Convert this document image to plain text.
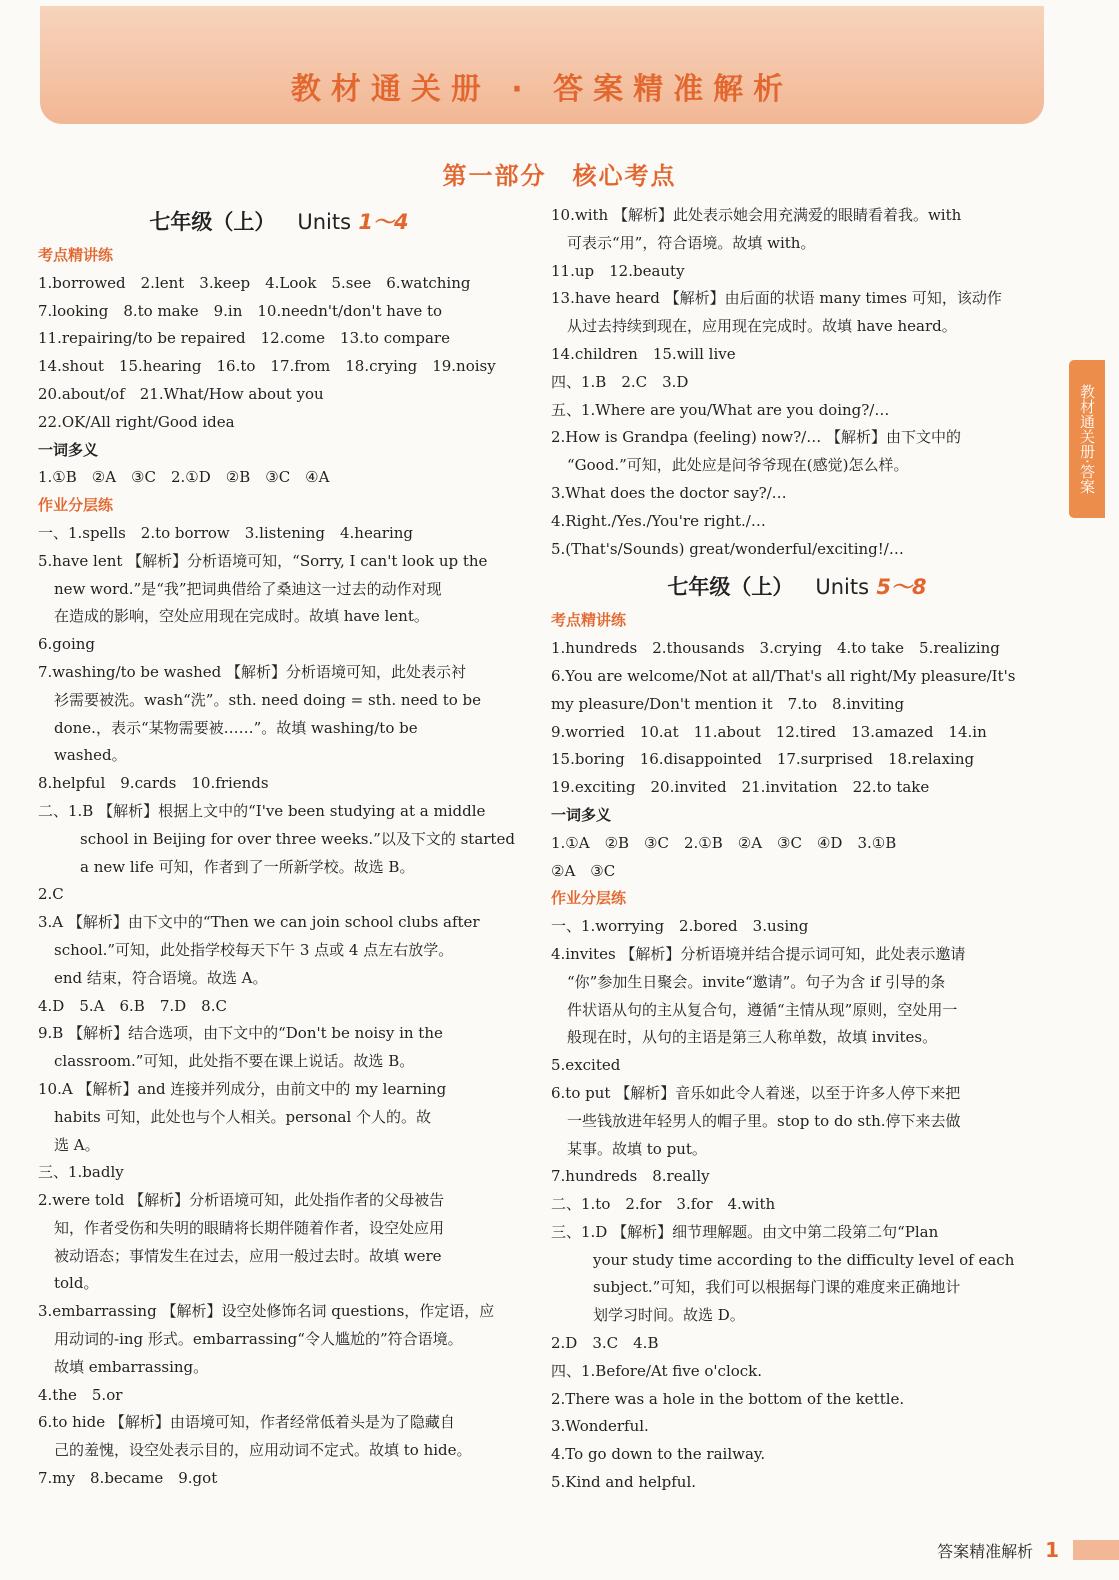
教材通关册 · 答案精准解析
第一部分　核心考点
七年级（上） Units 1～4
考点精讲练
1.borrowed　2.lent　3.keep　4.Look　5.see　6.watching
7.looking　8.to make　9.in　10.needn't/don't have to
11.repairing/to be repaired　12.come　13.to compare
14.shout　15.hearing　16.to　17.from　18.crying　19.noisy
20.about/of　21.What/How about you
22.OK/All right/Good idea
一词多义
1.①B　②A　③C　2.①D　②B　③C　④A
作业分层练
一、1.spells　2.to borrow　3.listening　4.hearing
5.have lent 【解析】分析语境可知，“Sorry, I can't look up the
new word.”是“我”把词典借给了桑迪这一过去的动作对现
在造成的影响，空处应用现在完成时。故填 have lent。
6.going
7.washing/to be washed 【解析】分析语境可知，此处表示衬
衫需要被洗。wash“洗”。sth. need doing = sth. need to be
done.，表示“某物需要被……”。故填 washing/to be
washed。
8.helpful　9.cards　10.friends
二、1.B 【解析】根据上文中的“I've been studying at a middle
school in Beijing for over three weeks.”以及下文的 started
a new life 可知，作者到了一所新学校。故选 B。
2.C
3.A 【解析】由下文中的“Then we can join school clubs after
school.”可知，此处指学校每天下午 3 点或 4 点左右放学。
end 结束，符合语境。故选 A。
4.D　5.A　6.B　7.D　8.C
9.B 【解析】结合选项，由下文中的“Don't be noisy in the
classroom.”可知，此处指不要在课上说话。故选 B。
10.A 【解析】and 连接并列成分，由前文中的 my learning
habits 可知，此处也与个人相关。personal 个人的。故
选 A。
三、1.badly
2.were told 【解析】分析语境可知，此处指作者的父母被告
知，作者受伤和失明的眼睛将长期伴随着作者，设空处应用
被动语态；事情发生在过去，应用一般过去时。故填 were
told。
3.embarrassing 【解析】设空处修饰名词 questions，作定语，应
用动词的-ing 形式。embarrassing“令人尴尬的”符合语境。
故填 embarrassing。
4.the　5.or
6.to hide 【解析】由语境可知，作者经常低着头是为了隐藏自
己的羞愧，设空处表示目的，应用动词不定式。故填 to hide。
7.my　8.became　9.got
10.with 【解析】此处表示她会用充满爱的眼睛看着我。with
可表示“用”，符合语境。故填 with。
11.up　12.beauty
13.have heard 【解析】由后面的状语 many times 可知，该动作
从过去持续到现在，应用现在完成时。故填 have heard。
14.children　15.will live
四、1.B　2.C　3.D
五、1.Where are you/What are you doing?/…
2.How is Grandpa (feeling) now?/… 【解析】由下文中的
“Good.”可知，此处应是问爷爷现在(感觉)怎么样。
3.What does the doctor say?/…
4.Right./Yes./You're right./…
5.(That's/Sounds) great/wonderful/exciting!/…
七年级（上） Units 5～8
考点精讲练
1.hundreds　2.thousands　3.crying　4.to take　5.realizing
6.You are welcome/Not at all/That's all right/My pleasure/It's
my pleasure/Don't mention it　7.to　8.inviting
9.worried　10.at　11.about　12.tired　13.amazed　14.in
15.boring　16.disappointed　17.surprised　18.relaxing
19.exciting　20.invited　21.invitation　22.to take
一词多义
1.①A　②B　③C　2.①B　②A　③C　④D　3.①B
②A　③C
作业分层练
一、1.worrying　2.bored　3.using
4.invites 【解析】分析语境并结合提示词可知，此处表示邀请
“你”参加生日聚会。invite“邀请”。句子为含 if 引导的条
件状语从句的主从复合句，遵循“主情从现”原则，空处用一
般现在时，从句的主语是第三人称单数，故填 invites。
5.excited
6.to put 【解析】音乐如此令人着迷，以至于许多人停下来把
一些钱放进年轻男人的帽子里。stop to do sth.停下来去做
某事。故填 to put。
7.hundreds　8.really
二、1.to　2.for　3.for　4.with
三、1.D 【解析】细节理解题。由文中第二段第二句“Plan
your study time according to the difficulty level of each
subject.”可知，我们可以根据每门课的难度来正确地计
划学习时间。故选 D。
2.D　3.C　4.B
四、1.Before/At five o'clock.
2.There was a hole in the bottom of the kettle.
3.Wonderful.
4.To go down to the railway.
5.Kind and helpful.
教材通关册·答案
答案精准解析 1
